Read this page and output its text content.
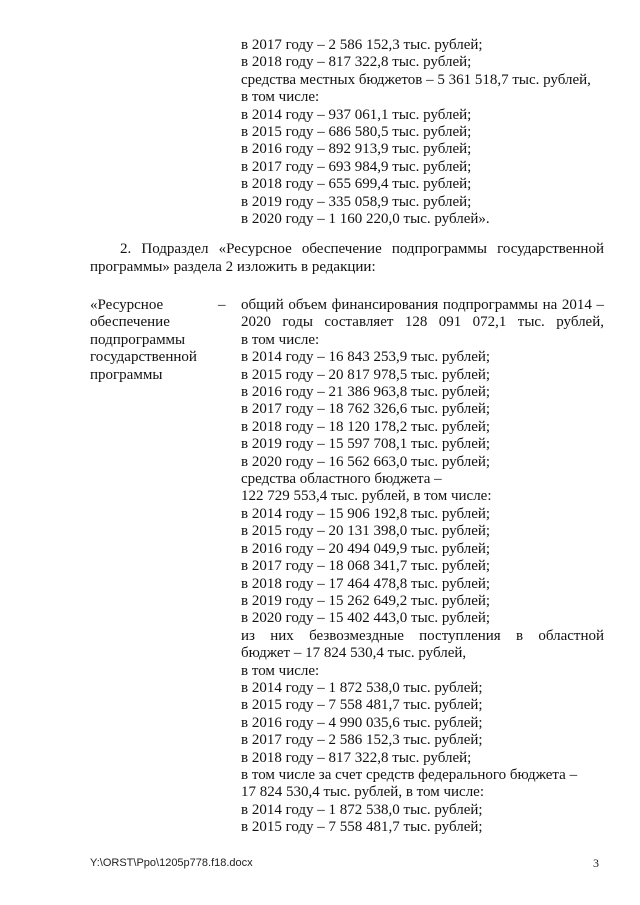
в 2017 году – 2 586 152,3 тыс. рублей;
в 2018 году – 817 322,8 тыс. рублей;
средства местных бюджетов – 5 361 518,7 тыс. рублей,
в том числе:
в 2014 году – 937 061,1 тыс. рублей;
в 2015 году – 686 580,5 тыс. рублей;
в 2016 году – 892 913,9 тыс. рублей;
в 2017 году – 693 984,9 тыс. рублей;
в 2018 году – 655 699,4 тыс. рублей;
в 2019 году – 335 058,9 тыс. рублей;
в 2020 году – 1 160 220,0 тыс. рублей».
2. Подраздел «Ресурсное обеспечение подпрограммы государственной
программы» раздела 2 изложить в редакции:
«Ресурсное
обеспечение
подпрограммы
государственной
программы
– общий объем финансирования подпрограммы на 2014 –
2020 годы составляет 128 091 072,1 тыс. рублей,
в том числе:
в 2014 году – 16 843 253,9 тыс. рублей;
в 2015 году – 20 817 978,5 тыс. рублей;
в 2016 году – 21 386 963,8 тыс. рублей;
в 2017 году – 18 762 326,6 тыс. рублей;
в 2018 году – 18 120 178,2 тыс. рублей;
в 2019 году – 15 597 708,1 тыс. рублей;
в 2020 году – 16 562 663,0 тыс. рублей;
средства областного бюджета –
122 729 553,4 тыс. рублей, в том числе:
в 2014 году – 15 906 192,8 тыс. рублей;
в 2015 году – 20 131 398,0 тыс. рублей;
в 2016 году – 20 494 049,9 тыс. рублей;
в 2017 году – 18 068 341,7 тыс. рублей;
в 2018 году – 17 464 478,8 тыс. рублей;
в 2019 году – 15 262 649,2 тыс. рублей;
в 2020 году – 15 402 443,0 тыс. рублей;
из них безвозмездные поступления в областной
бюджет – 17 824 530,4 тыс. рублей,
в том числе:
в 2014 году – 1 872 538,0 тыс. рублей;
в 2015 году – 7 558 481,7 тыс. рублей;
в 2016 году – 4 990 035,6 тыс. рублей;
в 2017 году – 2 586 152,3 тыс. рублей;
в 2018 году – 817 322,8 тыс. рублей;
в том числе за счет средств федерального бюджета –
17 824 530,4 тыс. рублей, в том числе:
в 2014 году – 1 872 538,0 тыс. рублей;
в 2015 году – 7 558 481,7 тыс. рублей;
Y:\ORST\Ppo\1205p778.f18.docx	3
